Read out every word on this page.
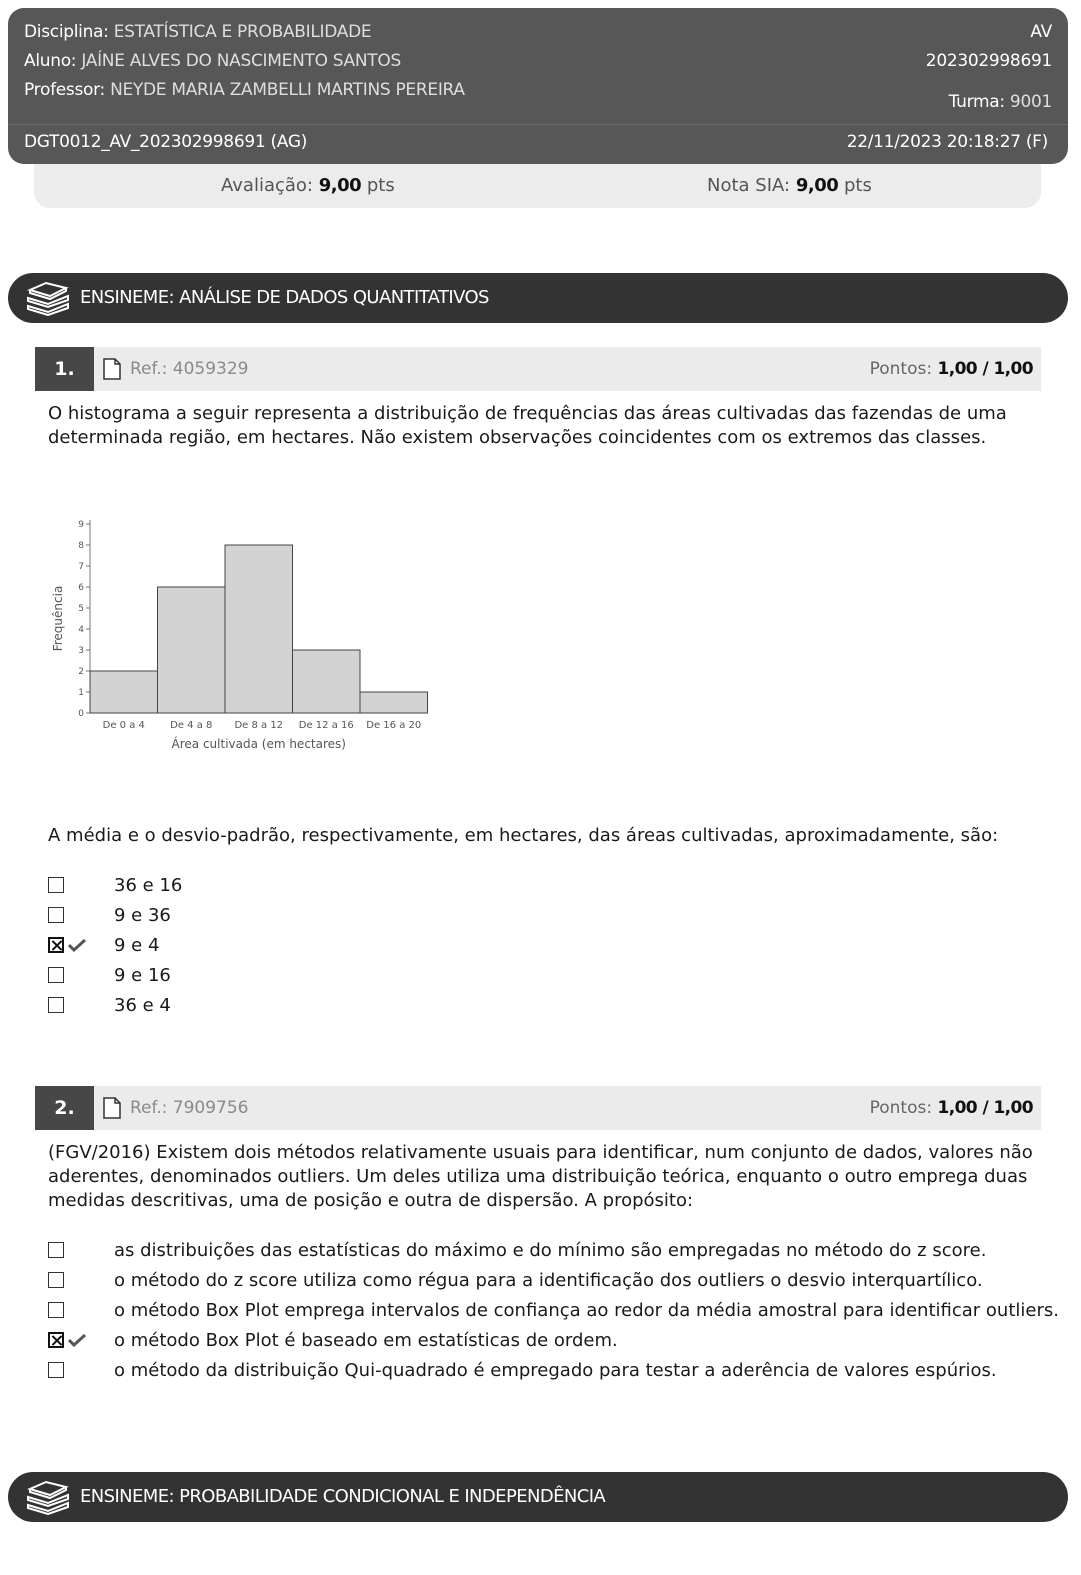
Disciplina: ESTATÍSTICA E PROBABILIDADE	AV
Aluno: JAÍNE ALVES DO NASCIMENTO SANTOS	202302998691
Professor: NEYDE MARIA ZAMBELLI MARTINS PEREIRA
Turma: 9001
DGT0012_AV_202302998691 (AG)	22/11/2023 20:18:27 (F)
Avaliação: 9,00 pts	Nota SIA: 9,00 pts
ENSINEME: ANÁLISE DE DADOS QUANTITATIVOS
1.	Ref.: 4059329	Pontos: 1,00 / 1,00
O histograma a seguir representa a distribuição de frequências das áreas cultivadas das fazendas de uma determinada região, em hectares. Não existem observações coincidentes com os extremos das classes.
0
1
2
3
4
5
6
7
8
9
De 0 a 4	De 4 a 8 De 8 a 12 De 12 a 16 De 16 a 20
Área cultivada (em hectares)
Frequência
A média e o desvio-padrão, respectivamente, em hectares, das áreas cultivadas, aproximadamente, são:
36 e 16
9 e 36
9 e 4
9 e 16
36 e 4
2.	Ref.: 7909756	Pontos: 1,00 / 1,00
(FGV/2016) Existem dois métodos relativamente usuais para identificar, num conjunto de dados, valores não aderentes, denominados outliers. Um deles utiliza uma distribuição teórica, enquanto o outro emprega duas medidas descritivas, uma de posição e outra de dispersão. A propósito:
as distribuições das estatísticas do máximo e do mínimo são empregadas no método do z score.
o método do z score utiliza como régua para a identificação dos outliers o desvio interquartílico.
o método Box Plot emprega intervalos de confiança ao redor da média amostral para identificar outliers.
o método Box Plot é baseado em estatísticas de ordem.
o método da distribuição Qui-quadrado é empregado para testar a aderência de valores espúrios.
ENSINEME: PROBABILIDADE CONDICIONAL E INDEPENDÊNCIA
